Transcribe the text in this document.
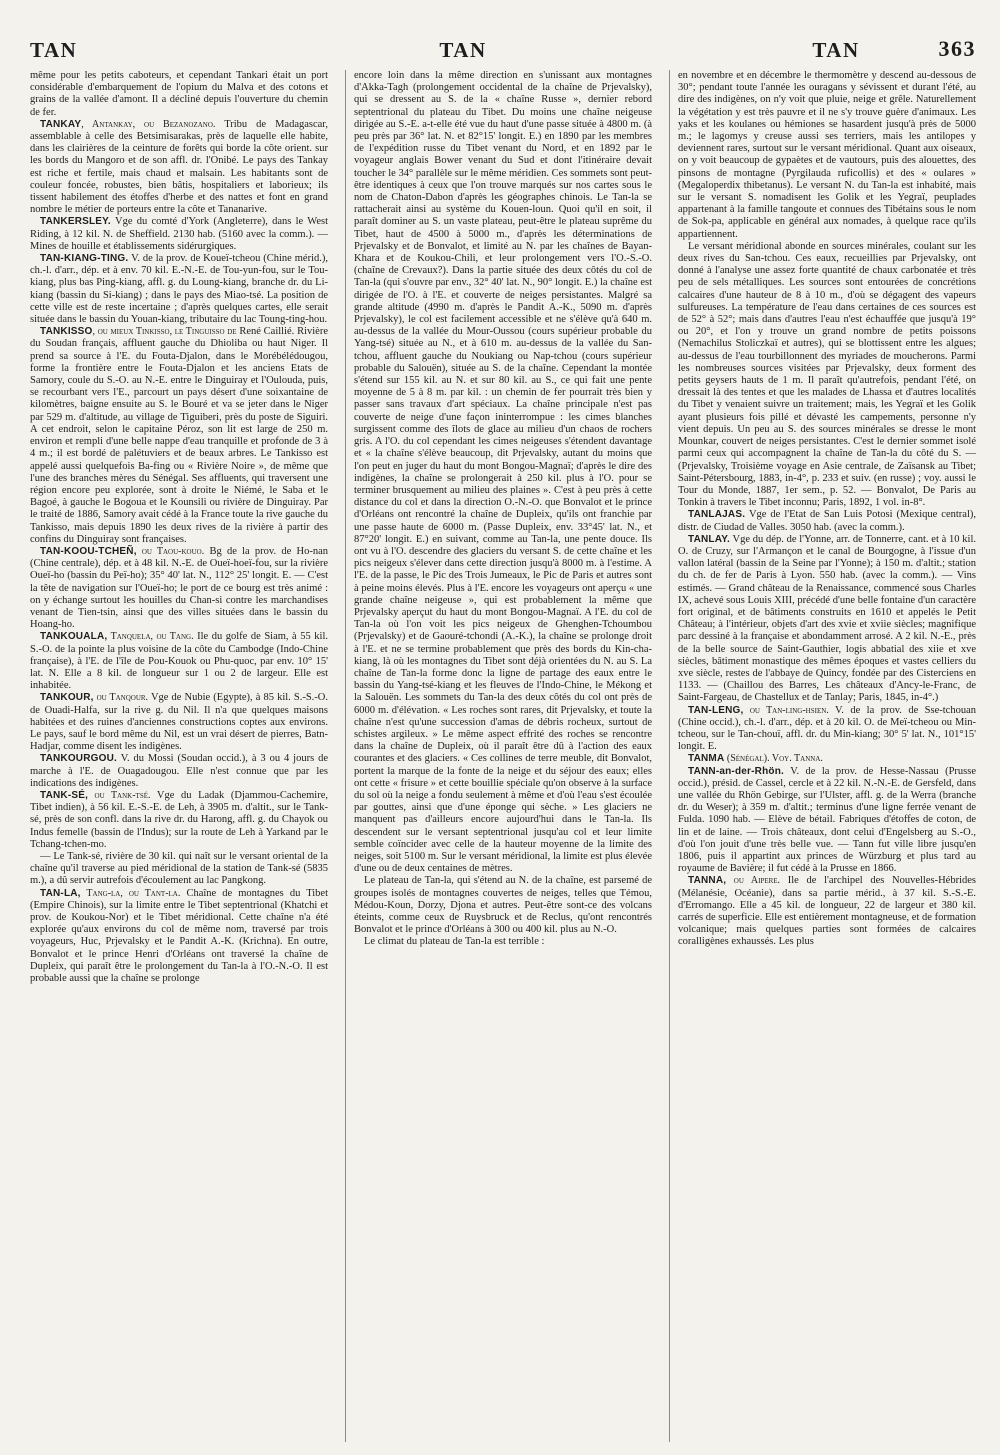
TAN	TAN	TAN	363

même pour les petits caboteurs, et cependant Tankari était un port considérable d'embarquement de l'opium du Malva et des cotons et grains de la vallée d'amont. Il a décliné depuis l'ouverture du chemin de fer.

TANKAY, Antankay, ou Bezanozano. Tribu de Madagascar, assemblable à celle des Betsimisarakas, près de laquelle elle habite, dans les clairières de la ceinture de forêts qui borde la côte orient. sur les bords du Mangoro et de son affl. dr. l'Onibé. Le pays des Tankay est riche et fertile, mais chaud et malsain. Les habitants sont de couleur foncée, robustes, bien bâtis, hospitaliers et laborieux; ils tissent habilement des étoffes d'herbe et des nattes et font en grand nombre le métier de porteurs entre la côte et Tananarive.

TANKERSLEY. Vge du comté d'York (Angleterre), dans le West Riding, à 12 kil. N. de Sheffield. 2130 hab. (5160 avec la comm.). — Mines de houille et établissements sidérurgiques.

TAN-KIANG-TING. V. de la prov. de Koueï-tcheou (Chine mérid.), ch.-l. d'arr., dép. et à env. 70 kil. E.-N.-E. de Tou-yun-fou, sur le Tou-kiang, plus bas Ping-kiang, affl. g. du Loung-kiang, branche dr. du Li-kiang (bassin du Si-kiang) ; dans le pays des Miao-tsé. La position de cette ville est de reste incertaine ; d'après quelques cartes, elle serait située dans le bassin du Youan-kiang, tributaire du lac Toung-ting-hou.

TANKISSO, ou mieux Tinkisso, le Tinguisso de René Caillié. Rivière du Soudan français, affluent gauche du Dhioliba ou haut Niger. Il prend sa source à l'E. du Fouta-Djalon, dans le Morébélédougou, forme la frontière entre le Fouta-Djalon et les anciens Etats de Samory, coule du S.-O. au N.-E. entre le Dinguiray et l'Oulouda, puis, se recourbant vers l'E., parcourt un pays désert d'une soixantaine de kilomètres, baigne ensuite au S. le Bouré et va se jeter dans le Niger par 529 m. d'altitude, au village de Tiguiberi, près du poste de Siguiri. A cet endroit, selon le capitaine Péroz, son lit est large de 250 m. environ et rempli d'une belle nappe d'eau tranquille et profonde de 3 à 4 m.; il est bordé de palétuviers et de beaux arbres. Le Tankisso est appelé aussi quelquefois Ba-fing ou « Rivière Noire », de même que l'une des branches mères du Sénégal. Ses affluents, qui traversent une région encore peu explorée, sont à droite le Niémé, le Saba et le Bagoé, à gauche le Bogoua et le Kounsili ou rivière de Dinguiray. Par le traité de 1886, Samory avait cédé à la France toute la rive gauche du Tankisso, mais depuis 1890 les deux rives de la rivière à partir des confins du Dinguiray sont françaises.

TAN-KOOU-TCHEÑ, ou Taou-kouo. Bg de la prov. de Ho-nan (Chine centrale), dép. et à 48 kil. N.-E. de Oueï-hoeï-fou, sur la rivière Oueï-ho (bassin du Peï-ho); 35° 40' lat. N., 112° 25' longit. E. — C'est la tête de navigation sur l'Oueï-ho; le port de ce bourg est très animé : on y échange surtout les houilles du Chan-si contre les marchandises venant de Tien-tsin, ainsi que des villes situées dans le bassin du Hoang-ho.

TANKOUALA, Tanquela, ou Tang. Ile du golfe de Siam, à 55 kil. S.-O. de la pointe la plus voisine de la côte du Cambodge (Indo-Chine française), à l'E. de l'île de Pou-Kouok ou Phu-quoc, par env. 10° 15' lat. N. Elle a 8 kil. de longueur sur 1 ou 2 de largeur. Elle est inhabitée.

TANKOUR, ou Tanqour. Vge de Nubie (Egypte), à 85 kil. S.-S.-O. de Ouadi-Halfa, sur la rive g. du Nil. Il n'a que quelques maisons habitées et des ruines d'anciennes constructions coptes aux environs. Le pays, sauf le bord même du Nil, est un vrai désert de pierres, Batn-Hadjar, comme disent les indigènes.

TANKOURGOU. V. du Mossi (Soudan occid.), à 3 ou 4 jours de marche à l'E. de Ouagadougou. Elle n'est connue que par les indications des indigènes.

TANK-SÉ, ou Tank-tsé. Vge du Ladak (Djammou-Cachemire, Tibet indien), à 56 kil. E.-S.-E. de Leh, à 3905 m. d'altit., sur le Tank-sé, près de son confl. dans la rive dr. du Harong, affl. g. du Chayok ou Indus femelle (bassin de l'Indus); sur la route de Leh à Yarkand par le Tchang-tchen-mo.

— Le Tank-sé, rivière de 30 kil. qui naît sur le versant oriental de la chaîne qu'il traverse au pied méridional de la station de Tank-sé (5835 m.), a dû servir autrefois d'écoulement au lac Pangkong.

TAN-LA, Tang-la, ou Tant-la. Chaîne de montagnes du Tibet (Empire Chinois), sur la limite entre le Tibet septentrional (Khatchi et prov. de Koukou-Nor) et le Tibet méridional. Cette chaîne n'a été explorée qu'aux environs du col de même nom, traversé par trois voyageurs, Huc, Prjevalsky et le Pandit A.-K. (Krichna). En outre, Bonvalot et le prince Henri d'Orléans ont traversé la chaîne de Dupleix, qui paraît être le prolongement du Tan-la à l'O.-N.-O. Il est probable aussi que la chaîne se prolonge

encore loin dans la même direction en s'unissant aux montagnes d'Akka-Tagh (prolongement occidental de la chaîne de Prjevalsky), qui se dressent au S. de la « chaîne Russe », dernier rebord septentrional du plateau du Tibet. Du moins une chaîne neigeuse dirigée au S.-E. a-t-elle été vue du haut d'une passe située à 4800 m. (à peu près par 36° lat. N. et 82°15' longit. E.) en 1890 par les membres de l'expédition russe du Tibet venant du Nord, et en 1892 par le voyageur anglais Bower venant du Sud et dont l'itinéraire devait toucher le 34° parallèle sur le même méridien. Ces sommets sont peut-être identiques à ceux que l'on trouve marqués sur nos cartes sous le nom de Chaton-Dabon d'après les géographes chinois. Le Tan-la se rattacherait ainsi au système du Kouen-loun. Quoi qu'il en soit, il paraît dominer au S. un vaste plateau, peut-être le plateau suprême du Tibet, haut de 4500 à 5000 m., d'après les déterminations de Prjevalsky et de Bonvalot, et limité au N. par les chaînes de Bayan-Khara et de Koukou-Chili, et leur prolongement vers l'O.-S.-O. (chaîne de Crevaux?). Dans la partie située des deux côtés du col de Tan-la (qui s'ouvre par env., 32° 40' lat. N., 90° longit. E.) la chaîne est dirigée de l'O. à l'E. et couverte de neiges persistantes. Malgré sa grande altitude (4990 m. d'après le Pandit A.-K., 5090 m. d'après Prjevalsky), le col est facilement accessible et ne s'élève qu'à 640 m. au-dessus de la vallée du Mour-Oussou (cours supérieur probable du Yang-tsé) située au N., et à 610 m. au-dessus de la vallée du San-tchou, affluent gauche du Noukiang ou Nap-tchou (cours supérieur probable du Salouën), située au S. de la chaîne. Cependant la montée s'étend sur 155 kil. au N. et sur 80 kil. au S., ce qui fait une pente moyenne de 5 à 8 m. par kil. : un chemin de fer pourrait très bien y passer sans travaux d'art spéciaux. La chaîne principale n'est pas couverte de neige d'une façon ininterrompue : les cimes blanches surgissent comme des îlots de glace au milieu d'un chaos de rochers gris. A l'O. du col cependant les cimes neigeuses s'étendent davantage et « la chaîne s'élève beaucoup, dit Prjevalsky, autant du moins que l'on peut en juger du haut du mont Bongou-Magnaï; d'après le dire des indigènes, la chaîne se prolongerait à 250 kil. plus à l'O. pour se terminer brusquement au milieu des plaines ». C'est à peu près à cette distance du col et dans la direction O.-N.-O. que Bonvalot et le prince d'Orléans ont rencontré la chaîne de Dupleix, qu'ils ont franchie par une passe haute de 6000 m. (Passe Dupleix, env. 33°45' lat. N., et 87°20' longit. E.) en suivant, comme au Tan-la, une pente douce. Ils ont vu à l'O. descendre des glaciers du versant S. de cette chaîne et les pics neigeux s'élever dans cette direction jusqu'à 8000 m. à l'estime. A l'E. de la passe, le Pic des Trois Jumeaux, le Pic de Paris et autres sont à peine moins élevés. Plus à l'E. encore les voyageurs ont aperçu « une grande chaîne neigeuse », qui est probablement la même que Prjevalsky aperçut du haut du mont Bongou-Magnaï. A l'E. du col de Tan-la où l'on voit les pics neigeux de Ghenghen-Tchoumbou (Prjevalsky) et de Gaouré-tchondi (A.-K.), la chaîne se prolonge droit à l'E. et ne se termine probablement que près des bords du Kin-cha-kiang, là où les montagnes du Tibet sont déjà orientées du N. au S. La chaîne de Tan-la forme donc la ligne de partage des eaux entre le bassin du Yang-tsé-kiang et les fleuves de l'Indo-Chine, le Mékong et la Salouën. Les sommets du Tan-la des deux côtés du col ont près de 6000 m. d'élévation. « Les roches sont rares, dit Prjevalsky, et toute la chaîne n'est qu'une succession d'amas de débris rocheux, surtout de schistes argileux. » Le même aspect effrité des roches se rencontre dans la chaîne de Dupleix, où il paraît être dû à l'action des eaux courantes et des glaciers. « Ces collines de terre meuble, dit Bonvalot, portent la marque de la fonte de la neige et du séjour des eaux; elles ont cette « frisure » et cette bouillie spéciale qu'on observe à la surface du sol où la neige a fondu seulement à même et d'où l'eau s'est écoulée par gouttes, ainsi que d'une éponge qui sèche. » Les glaciers ne manquent pas d'ailleurs encore aujourd'hui dans le Tan-la. Ils descendent sur le versant septentrional jusqu'au col et leur limite semble coïncider avec celle de la hauteur moyenne de la limite des neiges, soit 5100 m. Sur le versant méridional, la limite est plus élevée d'une ou de deux centaines de mètres.

Le plateau de Tan-la, qui s'étend au N. de la chaîne, est parsemé de groupes isolés de montagnes couvertes de neiges, telles que Témou, Médou-Koun, Dorzy, Djona et autres. Peut-être sont-ce des volcans éteints, comme ceux de Ruysbruck et de Reclus, qu'ont rencontrés Bonvalot et le prince d'Orléans à 300 ou 400 kil. plus au N.-O.

Le climat du plateau de Tan-la est terrible :

en novembre et en décembre le thermomètre y descend au-dessous de 30°; pendant toute l'année les ouragans y sévissent et durant l'été, au dire des indigènes, on n'y voit que pluie, neige et grêle. Naturellement la végétation y est très pauvre et il ne s'y trouve guère d'animaux. Les yaks et les koulanes ou hémiones se hasardent jusqu'à près de 5000 m.; le lagomys y creuse aussi ses terriers, mais les antilopes y deviennent rares, surtout sur le versant méridional. Quant aux oiseaux, on y voit beaucoup de gypaètes et de vautours, puis des alouettes, des pinsons de montagne (Pyrgilauda ruficollis) et des « oulares » (Megaloperdix thibetanus). Le versant N. du Tan-la est inhabité, mais sur le versant S. nomadisent les Golik et les Yegraï, peuplades appartenant à la famille tangoute et connues des Tibétains sous le nom de Sok-pa, applicable en général aux nomades, à quelque race qu'ils appartiennent.

Le versant méridional abonde en sources minérales, coulant sur les deux rives du San-tchou. Ces eaux, recueillies par Prjevalsky, ont donné à l'analyse une assez forte quantité de chaux carbonatée et très peu de sels métalliques. Les sources sont entourées de concrétions calcaires d'une hauteur de 8 à 10 m., d'où se dégagent des vapeurs sulfureuses. La température de l'eau dans certaines de ces sources est de 52° à 52°; mais dans d'autres l'eau n'est échauffée que jusqu'à 19° ou 20°, et l'on y trouve un grand nombre de petits poissons (Nemachilus Stoliczkaï et autres), qui se blottissent entre les algues; au-dessus de l'eau tourbillonnent des myriades de moucherons. Parmi les nombreuses sources visitées par Prjevalsky, deux forment des petits geysers hauts de 1 m. Il paraît qu'autrefois, pendant l'été, on dressait là des tentes et que les malades de Lhassa et d'autres localités du Tibet y venaient suivre un traitement; mais, les Yegraï et les Golik ayant plusieurs fois pillé et dévasté les campements, personne n'y vient depuis. Un peu au S. des sources minérales se dresse le mont Mounkar, couvert de neiges persistantes. C'est le dernier sommet isolé parmi ceux qui accompagnent la chaîne de Tan-la du côté du S. — (Prjevalsky, Troisième voyage en Asie centrale, de Zaïsansk au Tibet; Saint-Pétersbourg, 1883, in-4°, p. 233 et suiv. (en russe) ; voy. aussi le Tour du Monde, 1887, 1er sem., p. 52. — Bonvalot, De Paris au Tonkin à travers le Tibet inconnu; Paris, 1892, 1 vol. in-8°.

TANLAJAS. Vge de l'Etat de San Luis Potosi (Mexique central), distr. de Ciudad de Valles. 3050 hab. (avec la comm.).

TANLAY. Vge du dép. de l'Yonne, arr. de Tonnerre, cant. et à 10 kil. O. de Cruzy, sur l'Armançon et le canal de Bourgogne, à l'issue d'un vallon latéral (bassin de la Seine par l'Yonne); à 150 m. d'altit.; station du ch. de fer de Paris à Lyon. 550 hab. (avec la comm.). — Vins estimés. — Grand château de la Renaissance, commencé sous Charles IX, achevé sous Louis XIII, précédé d'une belle fontaine d'un caractère fort original, et de bâtiments construits en 1610 et appelés le Petit Château; à l'intérieur, objets d'art des xvie et xviie siècles; magnifique parc dessiné à la française et abondamment arrosé. A 2 kil. N.-E., près de la belle source de Saint-Gauthier, logis abbatial des xiie et xve siècles, bâtiment monastique des mêmes époques et vastes celliers du xve siècle, restes de l'abbaye de Quincy, fondée par des Cisterciens en 1133. — (Chaillou des Barres, Les châteaux d'Ancy-le-Franc, de Saint-Fargeau, de Chastellux et de Tanlay; Paris, 1845, in-4°.)

TAN-LENG, ou Tan-ling-hsien. V. de la prov. de Sse-tchouan (Chine occid.), ch.-l. d'arr., dép. et à 20 kil. O. de Meï-tcheou ou Min-tcheou, sur le Tan-chouï, affl. dr. du Min-kiang; 30° 5' lat. N., 101°15' longit. E.

TANMA (Sénégal). Voy. Tanna.

TANN-an-der-Rhön. V. de la prov. de Hesse-Nassau (Prusse occid.), présid. de Cassel, cercle et à 22 kil. N.-N.-E. de Gersfeld, dans une vallée du Rhön Gebirge, sur l'Ulster, affl. g. de la Werra (branche dr. du Weser); à 359 m. d'altit.; terminus d'une ligne ferrée venant de Fulda. 1090 hab. — Elève de bétail. Fabriques d'étoffes de coton, de lin et de laine. — Trois châteaux, dont celui d'Engelsberg au S.-O., d'où l'on jouit d'une très belle vue. — Tann fut ville libre jusqu'en 1806, puis il appartint aux princes de Würzburg et plus tard au royaume de Bavière; il fut cédé à la Prusse en 1866.

TANNA, ou Aipere. Ile de l'archipel des Nouvelles-Hébrides (Mélanésie, Océanie), dans sa partie mérid., à 37 kil. S.-S.-E. d'Erromango. Elle a 45 kil. de longueur, 22 de largeur et 380 kil. carrés de superficie. Elle est entièrement montagneuse, et de formation volcanique; mais quelques parties sont formées de calcaires coralligènes exhaussés. Les plus
